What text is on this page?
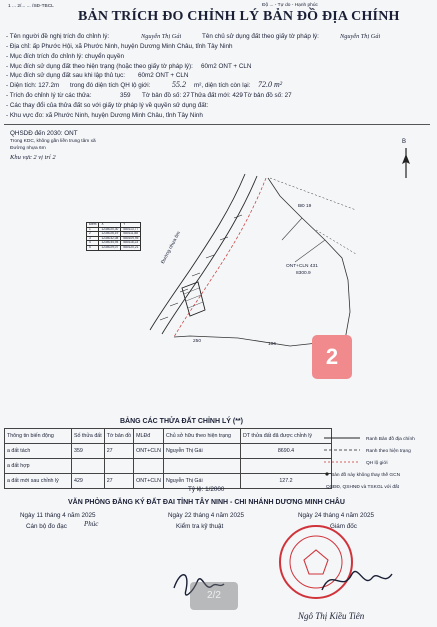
1 ... 2/... ... /SĐ-TBCL	Độ ... - Tự do - Hạnh phúc
BẢN TRÍCH ĐO CHỈNH LÝ BẢN ĐỒ ĐỊA CHÍNH
- Tên người đề nghị trích đo chỉnh lý:	Nguyễn Thị Gái	Tên chủ sử dụng đất theo giấy tờ pháp lý:	Nguyễn Thị Gái
- Địa chỉ: ấp Phước Hội, xã Phước Ninh, huyện Dương Minh Châu, tỉnh Tây Ninh
- Mục đích trích đo chỉnh lý: chuyển quyền
- Mục đích sử dụng đất theo hiện trạng (hoặc theo giấy tờ pháp lý): 60m2 ONT + CLN
- Mục đích sử dụng đất sau khi lập thủ tục: 60m2 ONT + CLN
- Diện tích: 127.2m trong đó diện tích QH lộ giới:	55.2 m², diện tích còn lại: 72.0 m²
- Trích đo chỉnh lý từ các thửa:	359 Tờ bản đồ số: 27
- Thửa đất mới: 429
- Tờ bản đồ số: 27
- Các thay đổi của thửa đất so với giấy tờ pháp lý về quyền sử dụng đất:
- Khu vực đo: xã Phước Ninh, huyện Dương Minh Châu, tỉnh Tây Ninh
QHSDĐ đến 2030: ONT
Trong KDC, không gần liền trung tâm xã
Đường nhựa 6m
Khu vực 2 vị trí 2
B
Điểm	X	Y
1	1234020,30	580113,77
2	1234026,19	580111,88
3	1234032,08	580109,95
4	1234034,94	580118,23
5	1234029,07	580120,21	Đường nhựa 6m
ONT+CLN 431
8300.9
BĐ 19
250
106	2
BẢNG CÁC THỬA ĐẤT CHỈNH LÝ (**)
Thông tin biến động	Số thửa đất	Tờ bản đồ	MLĐđ	Chủ sở hữu theo hiện trạng	DT thửa đất đã được chỉnh lý
a đất tách	359	27	ONT+CLN	Nguyễn Thị Gái	8690.4
a đất hợp					
a đất mới sau chỉnh lý	429	27	ONT+CLN	Nguyễn Thị Gái	127.2
Ranh Bản đồ địa chính
Ranh theo hiện trạng
QH lộ giới
Bản đồ này không thay thế GCN
QSĐĐ, QSHNĐ và TSKGL với đất
Tỷ lệ: 1/2000
VĂN PHÒNG ĐĂNG KÝ ĐẤT ĐAI TỈNH TÂY NINH - CHI NHÁNH DƯƠNG MINH CHÂU
Ngày 11 tháng 4 năm 2025
Cán bộ đo đạc Phúc
Ngày 22 tháng 4 năm 2025
Kiểm tra kỹ thuật
Ngày 24 tháng 4 năm 2025
Giám đốc
Ngô Thị Kiều Tiên
2/2
